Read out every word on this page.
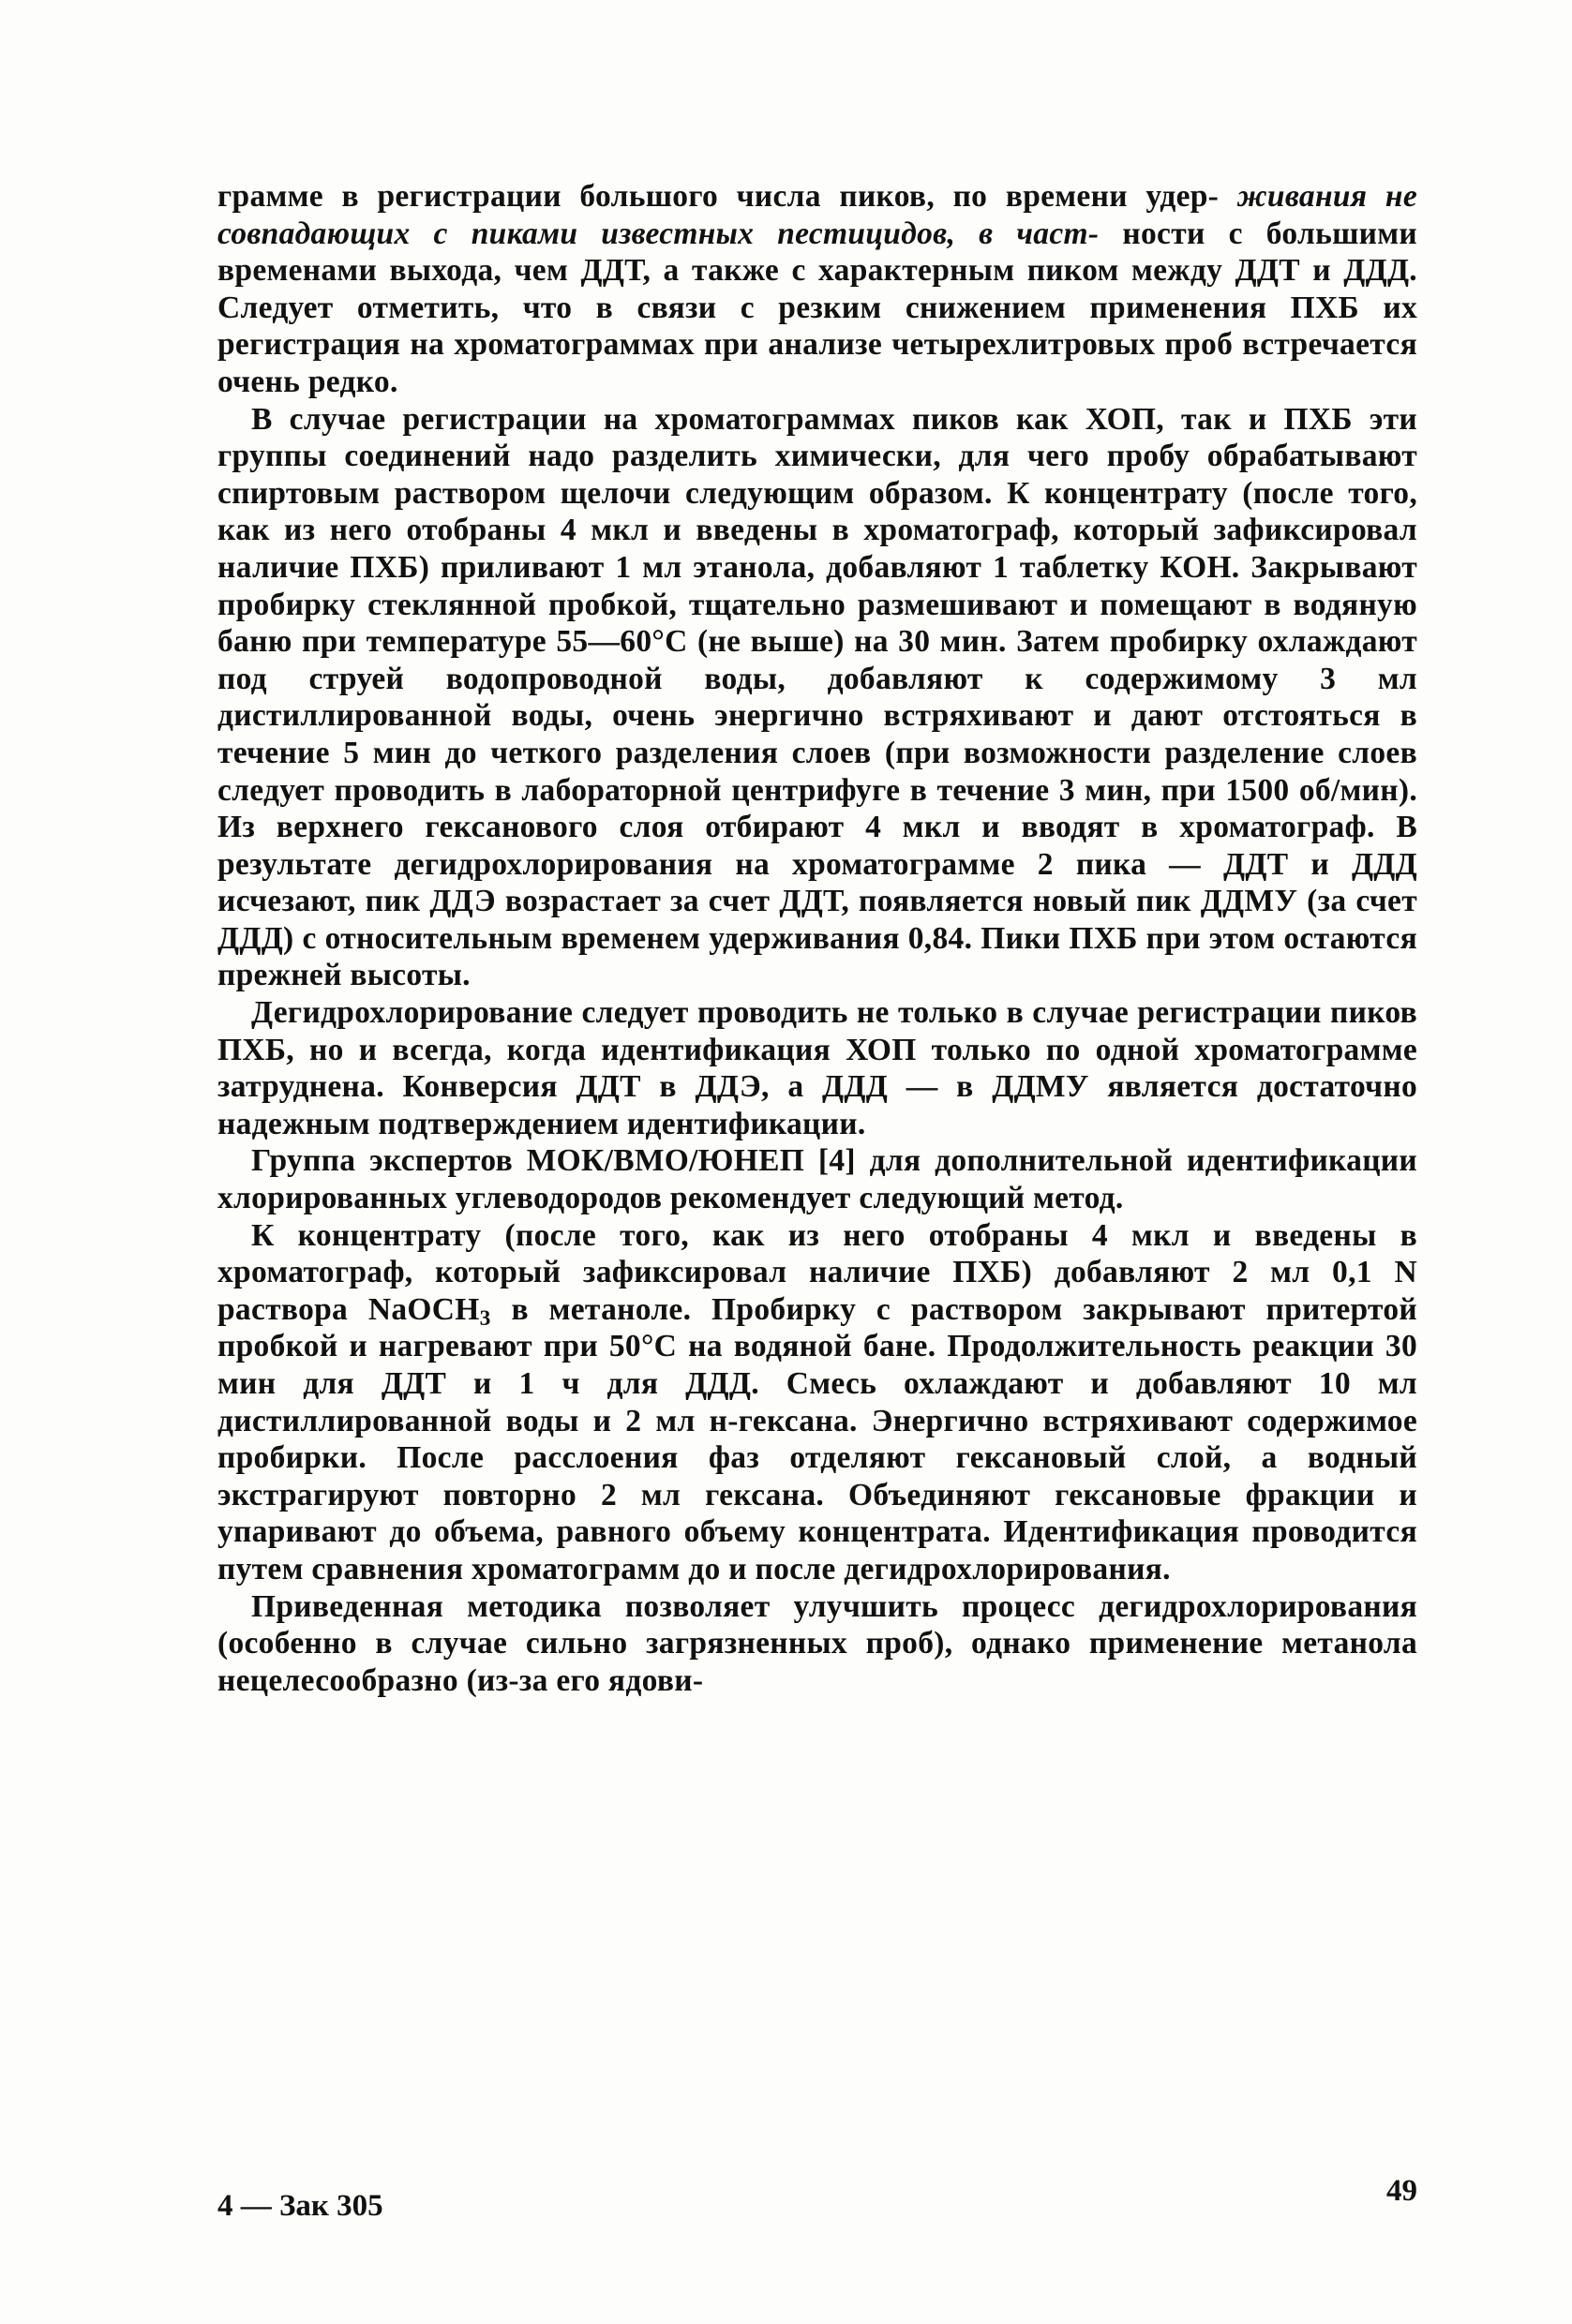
грамме в регистрации большого числа пиков, по времени удер- живания не совпадающих с пиками известных пестицидов, в част- ности с большими временами выхода, чем ДДТ, а также с характерным пиком между ДДТ и ДДД. Следует отметить, что в связи с резким снижением применения ПХБ их регистрация на хроматограммах при анализе четырехлитровых проб встречается очень редко.

В случае регистрации на хроматограммах пиков как ХОП, так и ПХБ эти группы соединений надо разделить химически, для чего пробу обрабатывают спиртовым раствором щелочи следующим образом. К концентрату (после того, как из него отобраны 4 мкл и введены в хроматограф, который зафиксировал наличие ПХБ) приливают 1 мл этанола, добавляют 1 таблетку КОН. Закрывают пробирку стеклянной пробкой, тщательно размешивают и помещают в водяную баню при температуре 55—60°С (не выше) на 30 мин. Затем пробирку охлаждают под струей водопроводной воды, добавляют к содержимому 3 мл дистиллированной воды, очень энергично встряхивают и дают отстояться в течение 5 мин до четкого разделения слоев (при возможности разделение слоев следует проводить в лабораторной центрифуге в течение 3 мин, при 1500 об/мин). Из верхнего гексанового слоя отбирают 4 мкл и вводят в хроматограф. В результате дегидрохлорирования на хроматограмме 2 пика — ДДТ и ДДД исчезают, пик ДДЭ возрастает за счет ДДТ, появляется новый пик ДДМУ (за счет ДДД) с относительным временем удерживания 0,84. Пики ПХБ при этом остаются прежней высоты.

Дегидрохлорирование следует проводить не только в случае регистрации пиков ПХБ, но и всегда, когда идентификация ХОП только по одной хроматограмме затруднена. Конверсия ДДТ в ДДЭ, а ДДД — в ДДМУ является достаточно надежным подтверждением идентификации.

Группа экспертов МОК/ВМО/ЮНЕП [4] для дополнительной идентификации хлорированных углеводородов рекомендует следующий метод.

К концентрату (после того, как из него отобраны 4 мкл и введены в хроматограф, который зафиксировал наличие ПХБ) добавляют 2 мл 0,1 N раствора NaOCH$_3$ в метаноле. Пробирку с раствором закрывают притертой пробкой и нагревают при 50°С на водяной бане. Продолжительность реакции 30 мин для ДДТ и 1 ч для ДДД. Смесь охлаждают и добавляют 10 мл дистиллированной воды и 2 мл н-гексана. Энергично встряхивают содержимое пробирки. После расслоения фаз отделяют гексановый слой, а водный экстрагируют повторно 2 мл гексана. Объединяют гексановые фракции и упаривают до объема, равного объему концентрата. Идентификация проводится путем сравнения хроматограмм до и после дегидрохлорирования.

Приведенная методика позволяет улучшить процесс дегидрохлорирования (особенно в случае сильно загрязненных проб), однако применение метанола нецелесообразно (из-за его ядови-

4 — Зак 305	49
